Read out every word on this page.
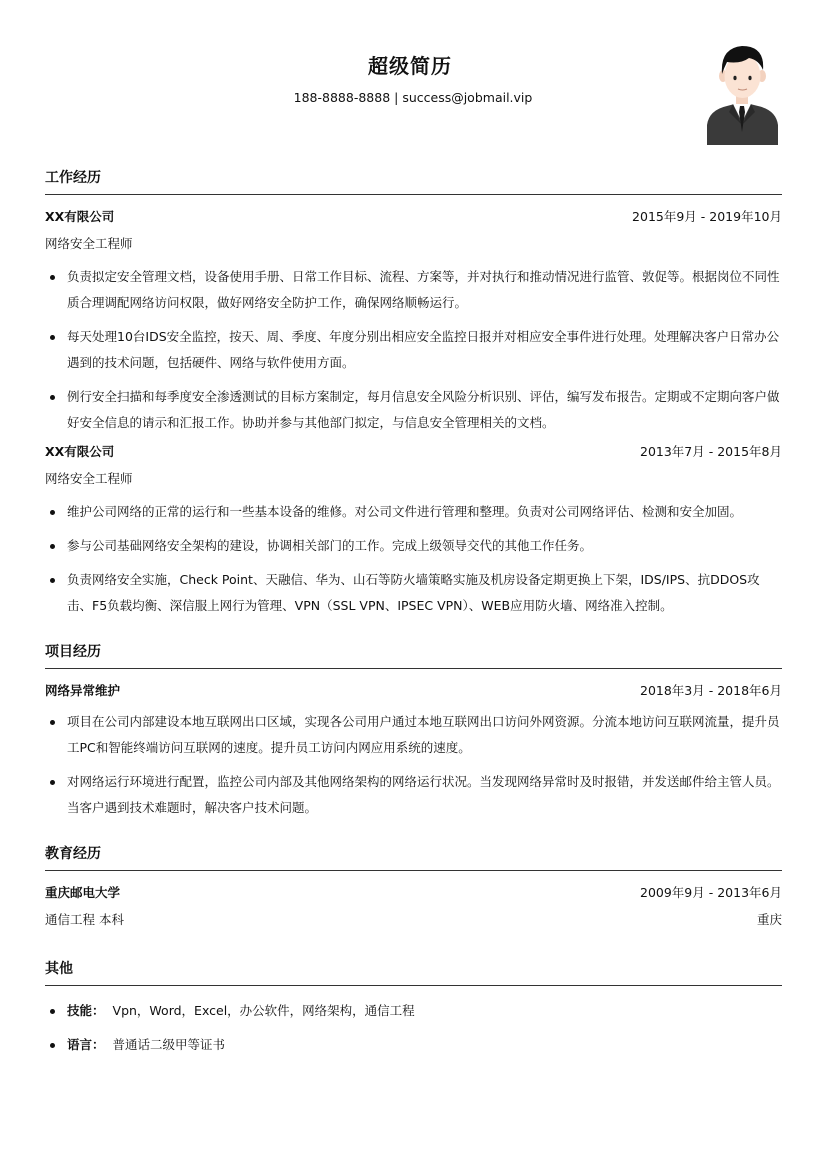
超级简历
188-8888-8888 | success@jobmail.vip
工作经历
XX有限公司	2015年9月 - 2019年10月
网络安全工程师
负责拟定安全管理文档，设备使用手册、日常工作目标、流程、方案等，并对执行和推动情况进行监管、敦促等。根据岗位不同性质合理调配网络访问权限，做好网络安全防护工作，确保网络顺畅运行。
每天处理10台IDS安全监控，按天、周、季度、年度分别出相应安全监控日报并对相应安全事件进行处理。处理解决客户日常办公遇到的技术问题，包括硬件、网络与软件使用方面。
例行安全扫描和每季度安全渗透测试的目标方案制定，每月信息安全风险分析识别、评估，编写发布报告。定期或不定期向客户做好安全信息的请示和汇报工作。协助并参与其他部门拟定，与信息安全管理相关的文档。
XX有限公司	2013年7月 - 2015年8月
网络安全工程师
维护公司网络的正常的运行和一些基本设备的维修。对公司文件进行管理和整理。负责对公司网络评估、检测和安全加固。
参与公司基础网络安全架构的建设，协调相关部门的工作。完成上级领导交代的其他工作任务。
负责网络安全实施，Check Point、天融信、华为、山石等防火墙策略实施及机房设备定期更换上下架，IDS/IPS、抗DDOS攻击、F5负载均衡、深信服上网行为管理、VPN（SSL VPN、IPSEC VPN）、WEB应用防火墙、网络准入控制。
项目经历
网络异常维护	2018年3月 - 2018年6月
项目在公司内部建设本地互联网出口区域，实现各公司用户通过本地互联网出口访问外网资源。分流本地访问互联网流量，提升员工PC和智能终端访问互联网的速度。提升员工访问内网应用系统的速度。
对网络运行环境进行配置，监控公司内部及其他网络架构的网络运行状况。当发现网络异常时及时报错，并发送邮件给主管人员。当客户遇到技术难题时，解决客户技术问题。
教育经历
重庆邮电大学	2009年9月 - 2013年6月
通信工程 本科	重庆
其他
技能： Vpn，Word，Excel，办公软件，网络架构，通信工程
语言： 普通话二级甲等证书
